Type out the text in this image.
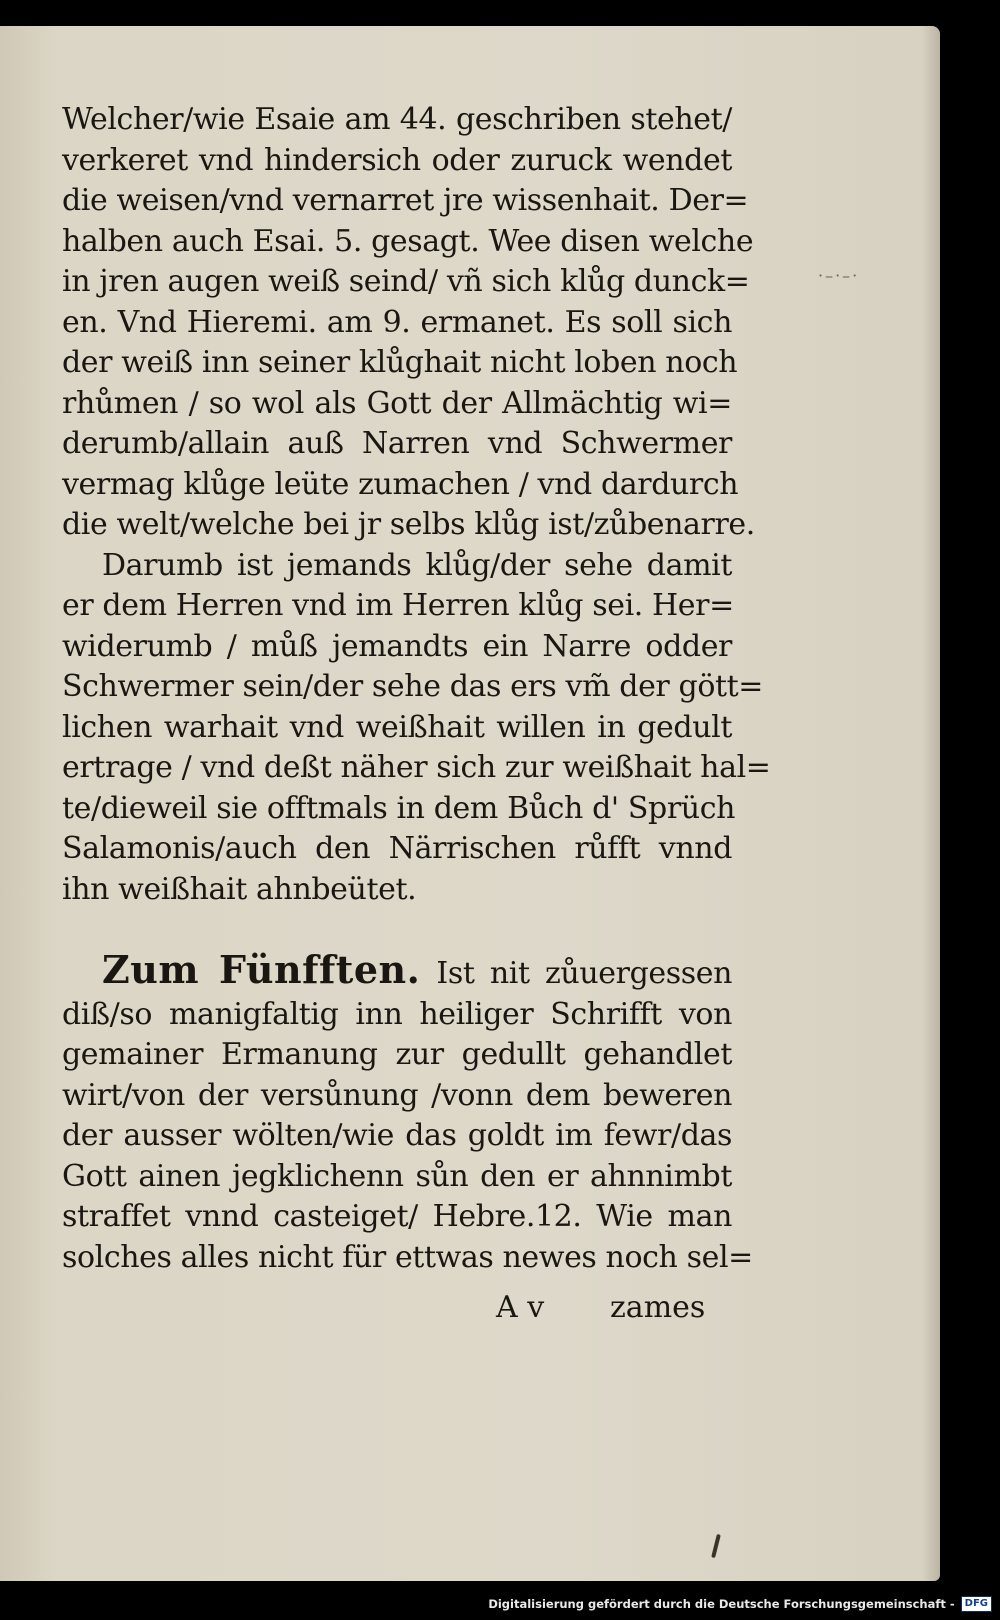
·–·–·
Welcher/wie Esaie am 44. geschriben stehet/
verkeret vnd hindersich oder zuruck wendet
die weisen/vnd vernarret jre wissenhait. Der=
halben auch Esai. 5. gesagt. Wee disen welche
in jren augen weiß seind/ vñ sich klůg dunck=
en. Vnd Hieremi. am 9. ermanet. Es soll sich
der weiß inn seiner klůghait nicht loben noch
rhůmen / so wol als Gott der Allmächtig wi=
derumb/allain auß Narren vnd Schwermer
vermag klůge leüte zumachen / vnd dardurch
die welt/welche bei jr selbs klůg ist/zůbenarre.
Darumb ist jemands klůg/der sehe damit
er dem Herren vnd im Herren klůg sei. Her=
widerumb / můß jemandts ein Narre odder
Schwermer sein/der sehe das ers vm̃ der gött=
lichen warhait vnd weißhait willen in gedult
ertrage / vnd deßt näher sich zur weißhait hal=
te/dieweil sie offtmals in dem Bůch d' Sprüch
Salamonis/auch den Närrischen růfft vnnd
ihn weißhait ahnbeütet.
Zum Fünfften. Ist nit zůuergessen
diß/so manigfaltig inn heiliger Schrifft von
gemainer Ermanung zur gedullt gehandlet
wirt/von der versůnung /vonn dem beweren
der ausser wölten/wie das goldt im fewr/das
Gott ainen jegklichenn sůn den er ahnnimbt
straffet vnnd casteiget/ Hebre.12. Wie man
solches alles nicht für ettwas newes noch sel=
A v zames
Digitalisierung gefördert durch die Deutsche Forschungsgemeinschaft -	DFG
